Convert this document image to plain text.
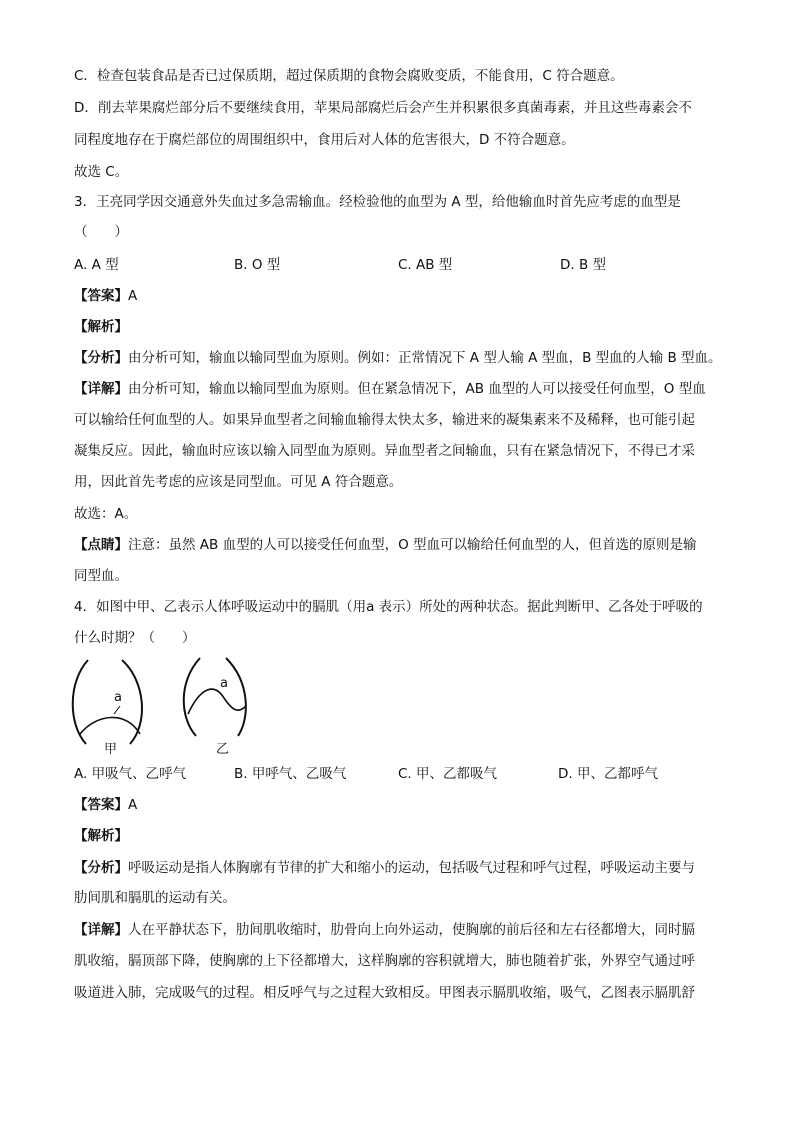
C．检查包装食品是否已过保质期，超过保质期的食物会腐败变质，不能食用，C 符合题意。
D．削去苹果腐烂部分后不要继续食用，苹果局部腐烂后会产生并积累很多真菌毒素，并且这些毒素会不
同程度地存在于腐烂部位的周围组织中，食用后对人体的危害很大，D 不符合题意。
故选 C。
3．王亮同学因交通意外失血过多急需输血。经检验他的血型为 A 型，给他输血时首先应考虑的血型是
（　　）
A. A 型	B. O 型	C. AB 型	D. B 型
【答案】A
【解析】
【分析】由分析可知，输血以输同型血为原则。例如：正常情况下 A 型人输 A 型血，B 型血的人输 B 型血。
【详解】由分析可知，输血以输同型血为原则。但在紧急情况下，AB 血型的人可以接受任何血型，O 型血
可以输给任何血型的人。如果异血型者之间输血输得太快太多，输进来的凝集素来不及稀释，也可能引起
凝集反应。因此，输血时应该以输入同型血为原则。异血型者之间输血，只有在紧急情况下，不得已才采
用，因此首先考虑的应该是同型血。可见 A 符合题意。
故选：A。
【点睛】注意：虽然 AB 血型的人可以接受任何血型，O 型血可以输给任何血型的人，但首选的原则是输
同型血。
4．如图中甲、乙表示人体呼吸运动中的膈肌（用a 表示）所处的两种状态。据此判断甲、乙各处于呼吸的
什么时期？（　　）
a
a
甲	乙
A. 甲吸气、乙呼气	B. 甲呼气、乙吸气	C. 甲、乙都吸气	D. 甲、乙都呼气
【答案】A
【解析】
【分析】呼吸运动是指人体胸廓有节律的扩大和缩小的运动，包括吸气过程和呼气过程，呼吸运动主要与
肋间肌和膈肌的运动有关。
【详解】人在平静状态下，肋间肌收缩时，肋骨向上向外运动，使胸廓的前后径和左右径都增大，同时膈
肌收缩，膈顶部下降，使胸廓的上下径都增大，这样胸廓的容积就增大，肺也随着扩张，外界空气通过呼
吸道进入肺，完成吸气的过程。相反呼气与之过程大致相反。甲图表示膈肌收缩，吸气，乙图表示膈肌舒
